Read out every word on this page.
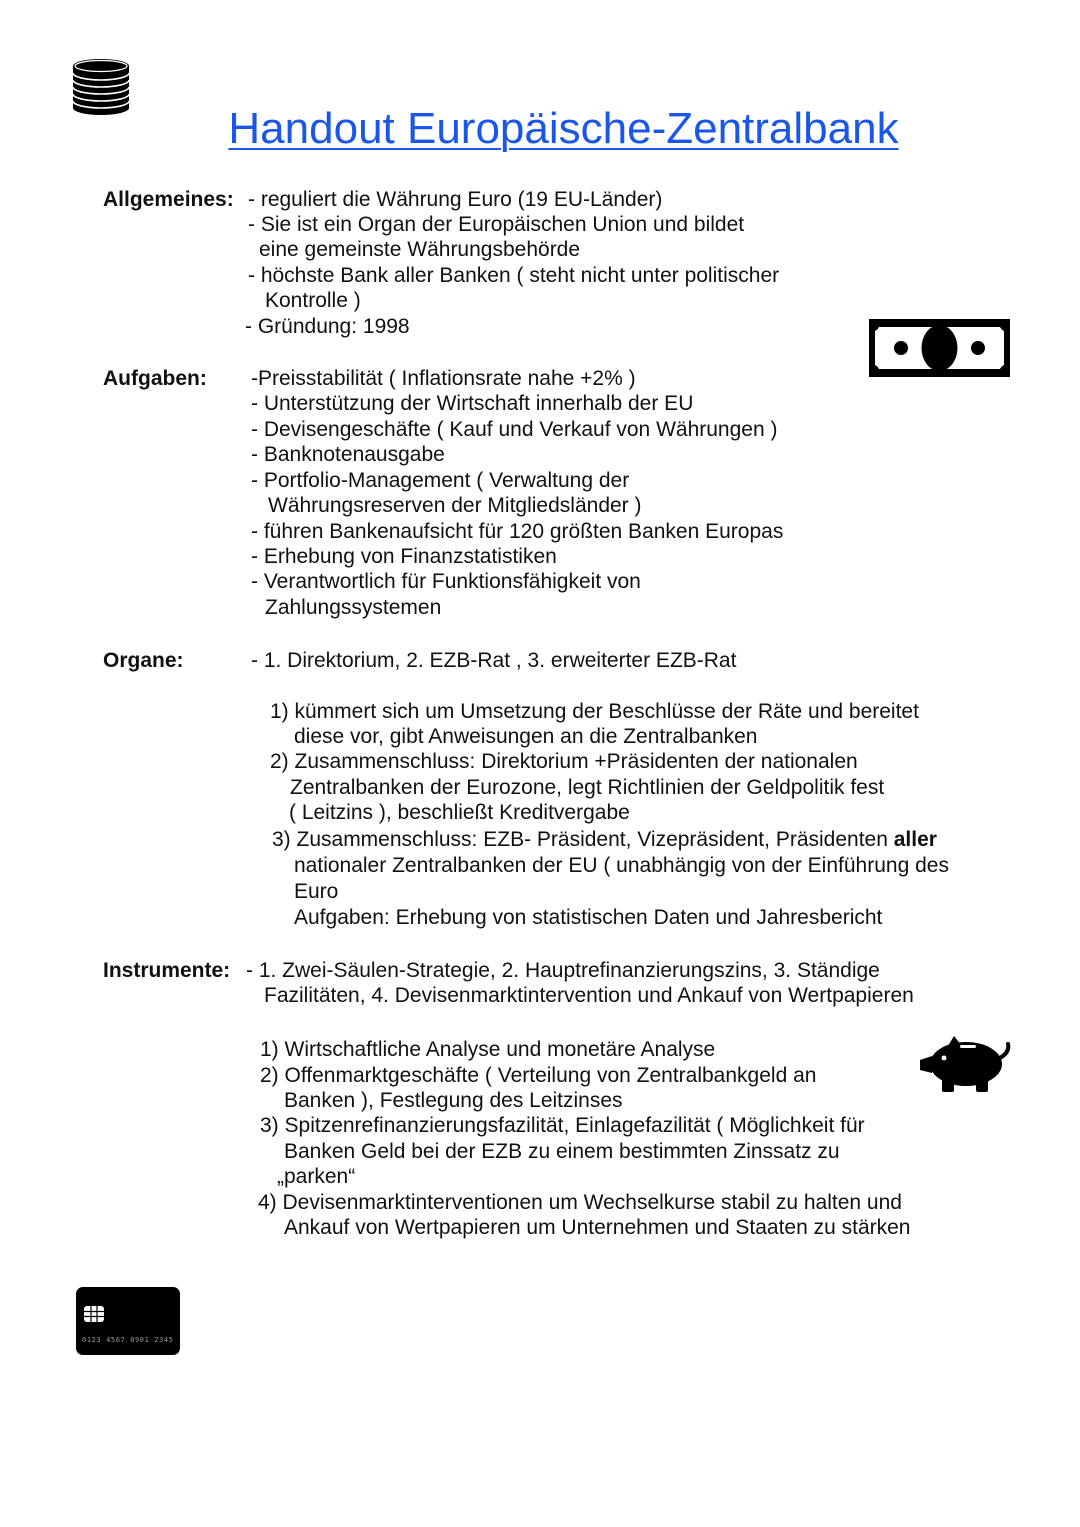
0123 4567 8901 2345
Handout Europäische-Zentralbank
Allgemeines: - reguliert die Währung Euro (19 EU-Länder)
- Sie ist ein Organ der Europäischen Union und bildet
eine gemeinste Währungsbehörde
- höchste Bank aller Banken ( steht nicht unter politischer
Kontrolle )
- Gründung: 1998
Aufgaben: -Preisstabilität ( Inflationsrate nahe +2% )
- Unterstützung der Wirtschaft innerhalb der EU
- Devisengeschäfte ( Kauf und Verkauf von Währungen )
- Banknotenausgabe
- Portfolio-Management ( Verwaltung der
Währungsreserven der Mitgliedsländer )
- führen Bankenaufsicht für 120 größten Banken Europas
- Erhebung von Finanzstatistiken
- Verantwortlich für Funktionsfähigkeit von
Zahlungssystemen
Organe:	- 1. Direktorium, 2. EZB-Rat , 3. erweiterter EZB-Rat
1) kümmert sich um Umsetzung der Beschlüsse der Räte und bereitet
diese vor, gibt Anweisungen an die Zentralbanken
2) Zusammenschluss: Direktorium +Präsidenten der nationalen
Zentralbanken der Eurozone, legt Richtlinien der Geldpolitik fest
( Leitzins ), beschließt Kreditvergabe
3) Zusammenschluss: EZB- Präsident, Vizepräsident, Präsidenten aller
nationaler Zentralbanken der EU ( unabhängig von der Einführung des
Euro
Aufgaben: Erhebung von statistischen Daten und Jahresbericht
Instrumente: - 1. Zwei-Säulen-Strategie, 2. Hauptrefinanzierungszins, 3. Ständige
Fazilitäten, 4. Devisenmarktintervention und Ankauf von Wertpapieren
1) Wirtschaftliche Analyse und monetäre Analyse
2) Offenmarktgeschäfte ( Verteilung von Zentralbankgeld an
Banken ), Festlegung des Leitzinses
3) Spitzenrefinanzierungsfazilität, Einlagefazilität ( Möglichkeit für
Banken Geld bei der EZB zu einem bestimmten Zinssatz zu
„parken“
4) Devisenmarktinterventionen um Wechselkurse stabil zu halten und
Ankauf von Wertpapieren um Unternehmen und Staaten zu stärken
